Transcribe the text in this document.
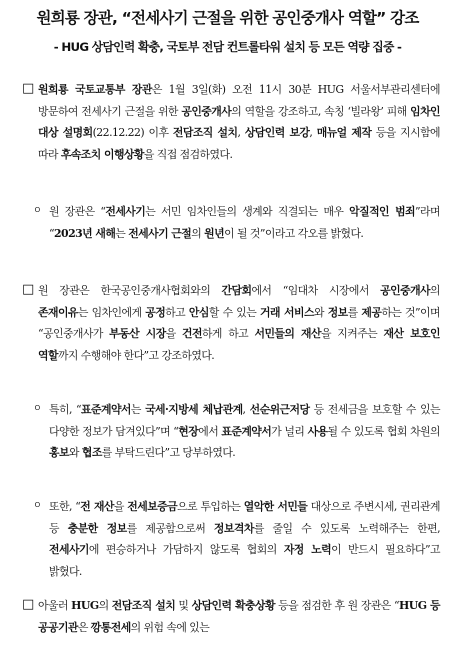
원희룡 장관, “전세사기 근절을 위한 공인중개사 역할” 강조
- HUG 상담인력 확충, 국토부 전담 컨트롤타워 설치 등 모든 역량 집중 -
□ 원희룡 국토교통부 장관은 1월 3일(화) 오전 11시 30분 HUG 서울서부관리센터에 방문하여 전세사기 근절을 위한 공인중개사의 역할을 강조하고, 속칭 ‘빌라왕’ 피해 임차인 대상 설명회(22.12.22) 이후 전담조직 설치, 상담인력 보강, 매뉴얼 제작 등을 지시함에 따라 후속조치 이행상황을 직접 점검하였다.

ㅇ 원 장관은 “전세사기는 서민 임차인들의 생계와 직결되는 매우 악질적인 범죄”라며 “2023년 새해는 전세사기 근절의 원년이 될 것”이라고 각오를 밝혔다.

□ 원 장관은 한국공인중개사협회와의 간담회에서 “임대차 시장에서 공인중개사의 존재이유는 임차인에게 공정하고 안심할 수 있는 거래 서비스와 정보를 제공하는 것”이며 “공인중개사가 부동산 시장을 건전하게 하고 서민들의 재산을 지켜주는 재산 보호인 역할까지 수행해야 한다”고 강조하였다.

ㅇ 특히, “표준계약서는 국세·지방세 체납관계, 선순위근저당 등 전세금을 보호할 수 있는 다양한 정보가 담겨있다”며 “현장에서 표준계약서가 널리 사용될 수 있도록 협회 차원의 홍보와 협조를 부탁드린다”고 당부하였다.

ㅇ 또한, “전 재산을 전세보증금으로 투입하는 열악한 서민들 대상으로 주변시세, 권리관계 등 충분한 정보를 제공함으로써 정보격차를 줄일 수 있도록 노력해주는 한편, 전세사기에 편승하거나 가담하지 않도록 협회의 자정 노력이 반드시 필요하다”고 밝혔다.

□ 아울러 HUG의 전담조직 설치 및 상담인력 확충상황 등을 점검한 후 원 장관은 “HUG 등 공공기관은 깡통전세의 위험 속에 있는
